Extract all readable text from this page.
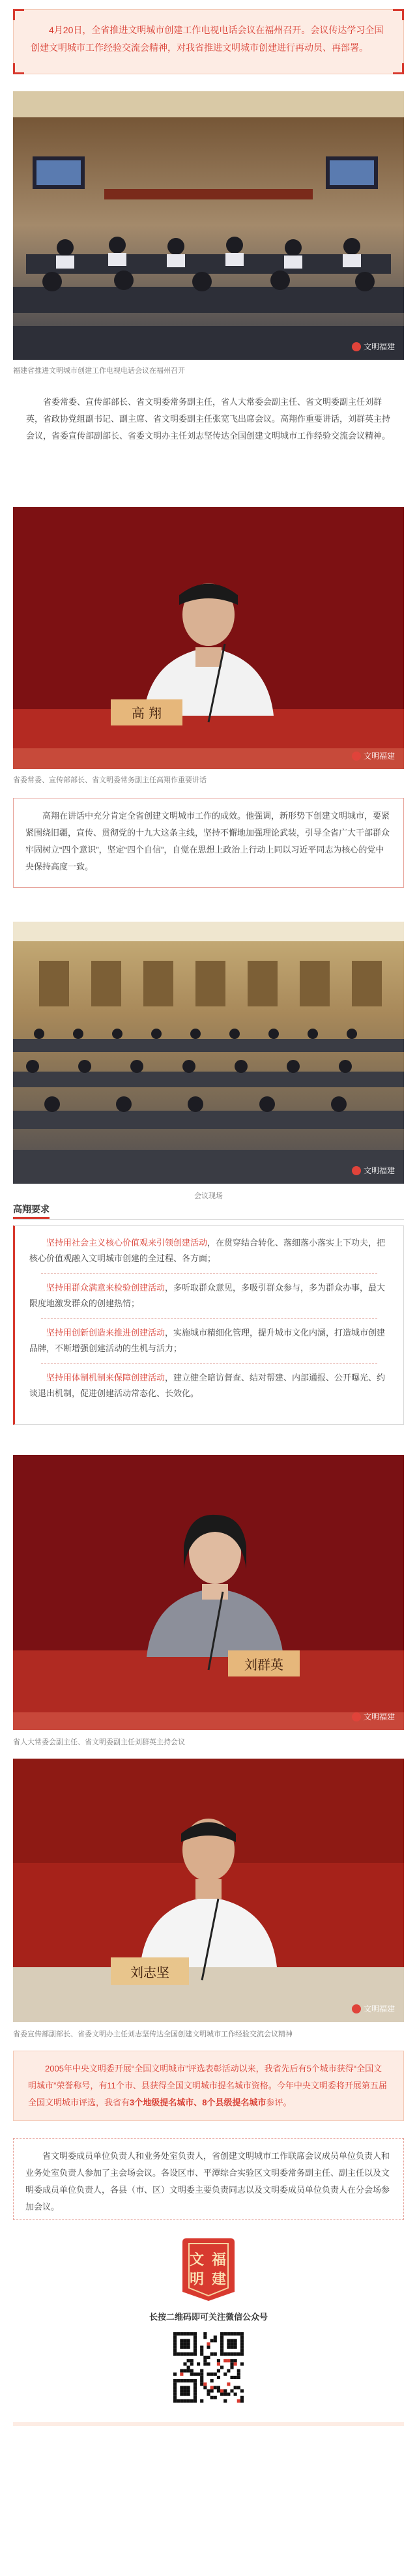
4月20日，全省推进文明城市创建工作电视电话会议在福州召开。会议传达学习全国创建文明城市工作经验交流会精神，对我省推进文明城市创建进行再动员、再部署。

文明福建
福建省推进文明城市创建工作电视电话会议在福州召开

省委常委、宣传部部长、省文明委常务副主任，省人大常委会副主任、省文明委副主任刘群英，省政协党组副书记、副主席、省文明委副主任张宽飞出席会议。高翔作重要讲话，刘群英主持会议，省委宣传部副部长、省委文明办主任刘志坚传达全国创建文明城市工作经验交流会议精神。

高 翔
文明福建
省委常委、宣传部部长、省文明委常务副主任高翔作重要讲话

高翔在讲话中充分肯定全省创建文明城市工作的成效。他强调，新形势下创建文明城市，要紧紧围绕旧疆，宣传、贯彻党的十九大这条主线，坚持不懈地加强理论武装，引导全省广大干部群众牢固树立“四个意识”，坚定“四个自信”，自觉在思想上政治上行动上同以习近平同志为核心的党中央保持高度一致。

文明福建
会议现场
高翔要求

坚持用社会主义核心价值观来引领创建活动，在贯穿结合转化、落细落小落实上下功夫，把核心价值观融入文明城市创建的全过程、各方面；

坚持用群众满意来检验创建活动，多听取群众意见，多吸引群众参与，多为群众办事，最大限度地激发群众的创建热情；

坚持用创新创造来推进创建活动，实施城市精细化管理，提升城市文化内涵，打造城市创建品牌，不断增强创建活动的生机与活力；

坚持用体制机制来保障创建活动，建立健全暗访督查、结对帮建、内部通报、公开曝光、约谈退出机制，促进创建活动常态化、长效化。

刘群英
文明福建
省人大常委会副主任、省文明委副主任刘群英主持会议
刘志坚
文明福建
省委宣传部副部长、省委文明办主任刘志坚传达全国创建文明城市工作经验交流会议精神

2005年中央文明委开展“全国文明城市”评选表彰活动以来，我省先后有5个城市获得“全国文明城市”荣誉称号，有11个市、县获得全国文明城市提名城市资格。今年中央文明委将开展第五届全国文明城市评选，我省有3个地级提名城市、8个县级提名城市参评。

省文明委成员单位负责人和业务处室负责人，省创建文明城市工作联席会议成员单位负责人和业务处室负责人参加了主会场会议。各设区市、平潭综合实验区文明委常务副主任、副主任以及文明委成员单位负责人，各县（市、区）文明委主要负责同志以及文明委成员单位负责人在分会场参加会议。

文 福
明 建
长按二维码即可关注微信公众号
